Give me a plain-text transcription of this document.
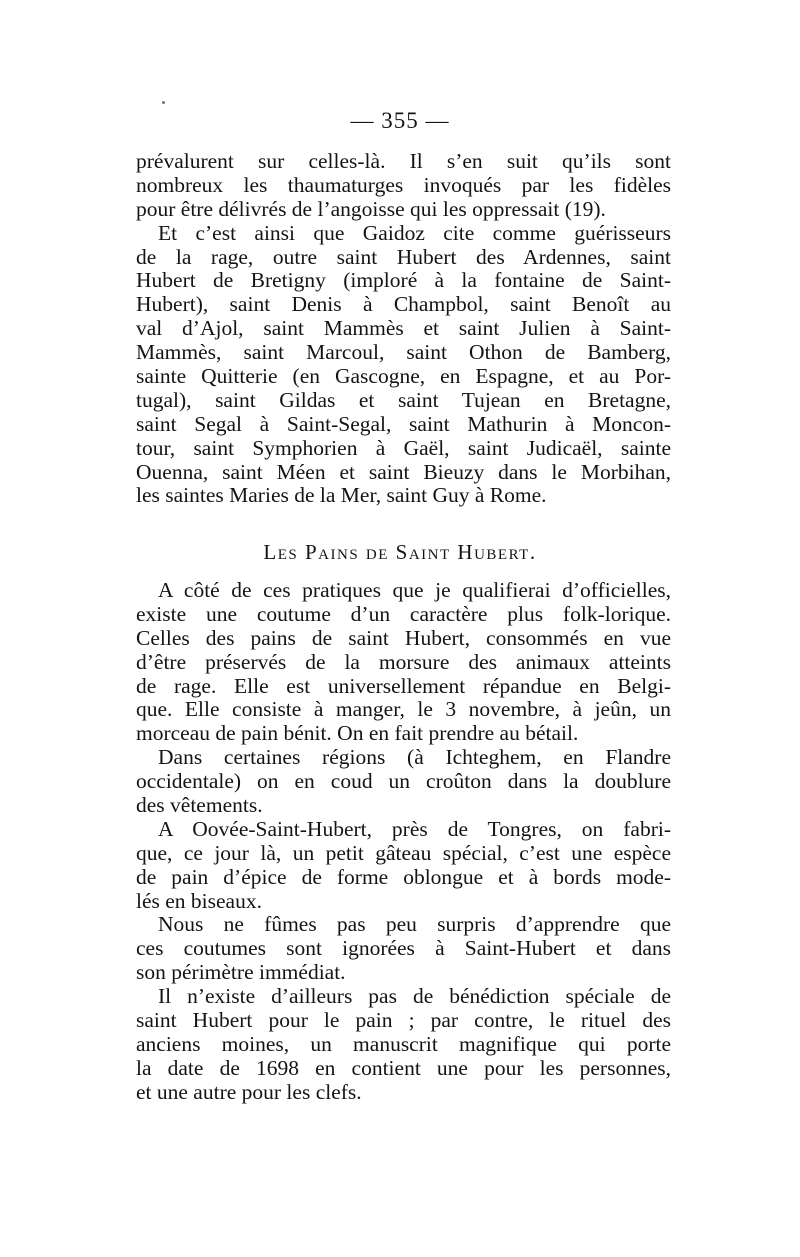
— 355 —
prévalurent sur celles-là. Il s’en suit qu’ils sont
nombreux les thaumaturges invoqués par les fidèles
pour être délivrés de l’angoisse qui les oppressait (19).
Et c’est ainsi que Gaidoz cite comme guérisseurs
de la rage, outre saint Hubert des Ardennes, saint
Hubert de Bretigny (imploré à la fontaine de Saint-
Hubert), saint Denis à Champbol, saint Benoît au
val d’Ajol, saint Mammès et saint Julien à Saint-
Mammès, saint Marcoul, saint Othon de Bamberg,
sainte Quitterie (en Gascogne, en Espagne, et au Por-
tugal), saint Gildas et saint Tujean en Bretagne,
saint Segal à Saint-Segal, saint Mathurin à Moncon-
tour, saint Symphorien à Gaël, saint Judicaël, sainte
Ouenna, saint Méen et saint Bieuzy dans le Morbihan,
les saintes Maries de la Mer, saint Guy à Rome.
Les Pains de Saint Hubert.
A côté de ces pratiques que je qualifierai d’officielles,
existe une coutume d’un caractère plus folk-lorique.
Celles des pains de saint Hubert, consommés en vue
d’être préservés de la morsure des animaux atteints
de rage. Elle est universellement répandue en Belgi-
que. Elle consiste à manger, le 3 novembre, à jeûn, un
morceau de pain bénit. On en fait prendre au bétail.
Dans certaines régions (à Ichteghem, en Flandre
occidentale) on en coud un croûton dans la doublure
des vêtements.
A Oovée-Saint-Hubert, près de Tongres, on fabri-
que, ce jour là, un petit gâteau spécial, c’est une espèce
de pain d’épice de forme oblongue et à bords mode-
lés en biseaux.
Nous ne fûmes pas peu surpris d’apprendre que
ces coutumes sont ignorées à Saint-Hubert et dans
son périmètre immédiat.
Il n’existe d’ailleurs pas de bénédiction spéciale de
saint Hubert pour le pain ; par contre, le rituel des
anciens moines, un manuscrit magnifique qui porte
la date de 1698 en contient une pour les personnes,
et une autre pour les clefs.
